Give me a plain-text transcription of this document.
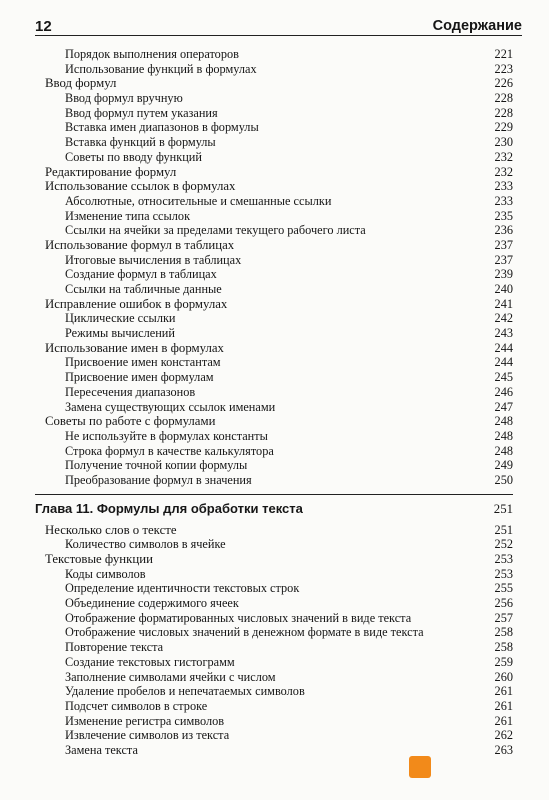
12	Содержание
Порядок выполнения операторов	221
Использование функций в формулах	223
Ввод формул	226
Ввод формул вручную	228
Ввод формул путем указания	228
Вставка имен диапазонов в формулы	229
Вставка функций в формулы	230
Советы по вводу функций	232
Редактирование формул	232
Использование ссылок в формулах	233
Абсолютные, относительные и смешанные ссылки	233
Изменение типа ссылок	235
Ссылки на ячейки за пределами текущего рабочего листа	236
Использование формул в таблицах	237
Итоговые вычисления в таблицах	237
Создание формул в таблицах	239
Ссылки на табличные данные	240
Исправление ошибок в формулах	241
Циклические ссылки	242
Режимы вычислений	243
Использование имен в формулах	244
Присвоение имен константам	244
Присвоение имен формулам	245
Пересечения диапазонов	246
Замена существующих ссылок именами	247
Советы по работе с формулами	248
Не используйте в формулах константы	248
Строка формул в качестве калькулятора	248
Получение точной копии формулы	249
Преобразование формул в значения	250
Глава 11. Формулы для обработки текста	251
Несколько слов о тексте	251
Количество символов в ячейке	252
Текстовые функции	253
Коды символов	253
Определение идентичности текстовых строк	255
Объединение содержимого ячеек	256
Отображение форматированных числовых значений в виде текста	257
Отображение числовых значений в денежном формате в виде текста	258
Повторение текста	258
Создание текстовых гистограмм	259
Заполнение символами ячейки с числом	260
Удаление пробелов и непечатаемых символов	261
Подсчет символов в строке	261
Изменение регистра символов	261
Извлечение символов из текста	262
Замена текста	263
